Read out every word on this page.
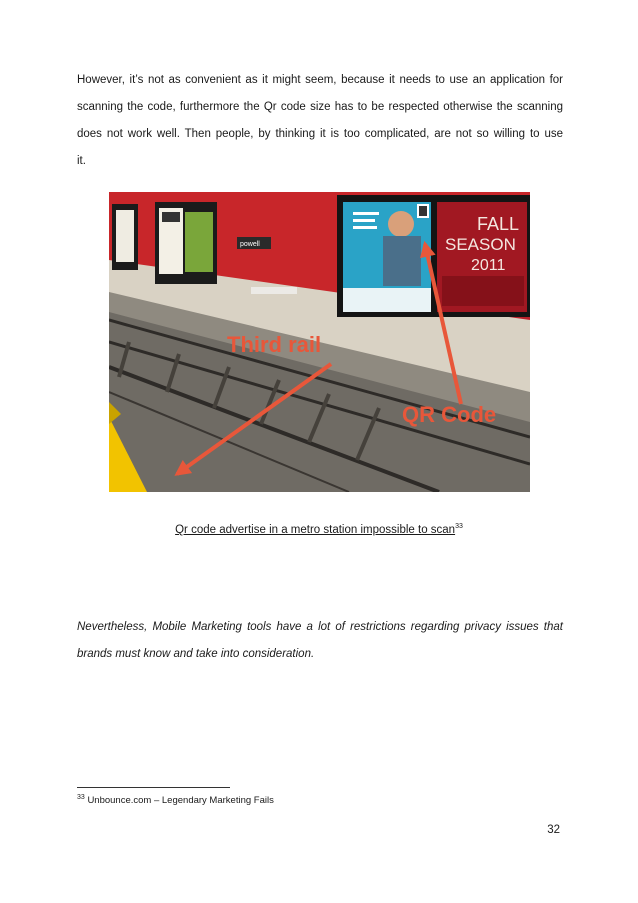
However, it’s not as convenient as it might seem, because it needs to use an application for
scanning the code, furthermore the Qr code size has to be respected otherwise the scanning
does not work well. Then people, by thinking it is too complicated, are not so willing to use
it.
powell
FALL
SEASON
2011
Third rail
QR Code
Qr code advertise in a metro station impossible to scan$^{33}$
Nevertheless, Mobile Marketing tools have a lot of restrictions regarding privacy issues that
brands must know and take into consideration.
$^{33}$ Unbounce.com – Legendary Marketing Fails
32
